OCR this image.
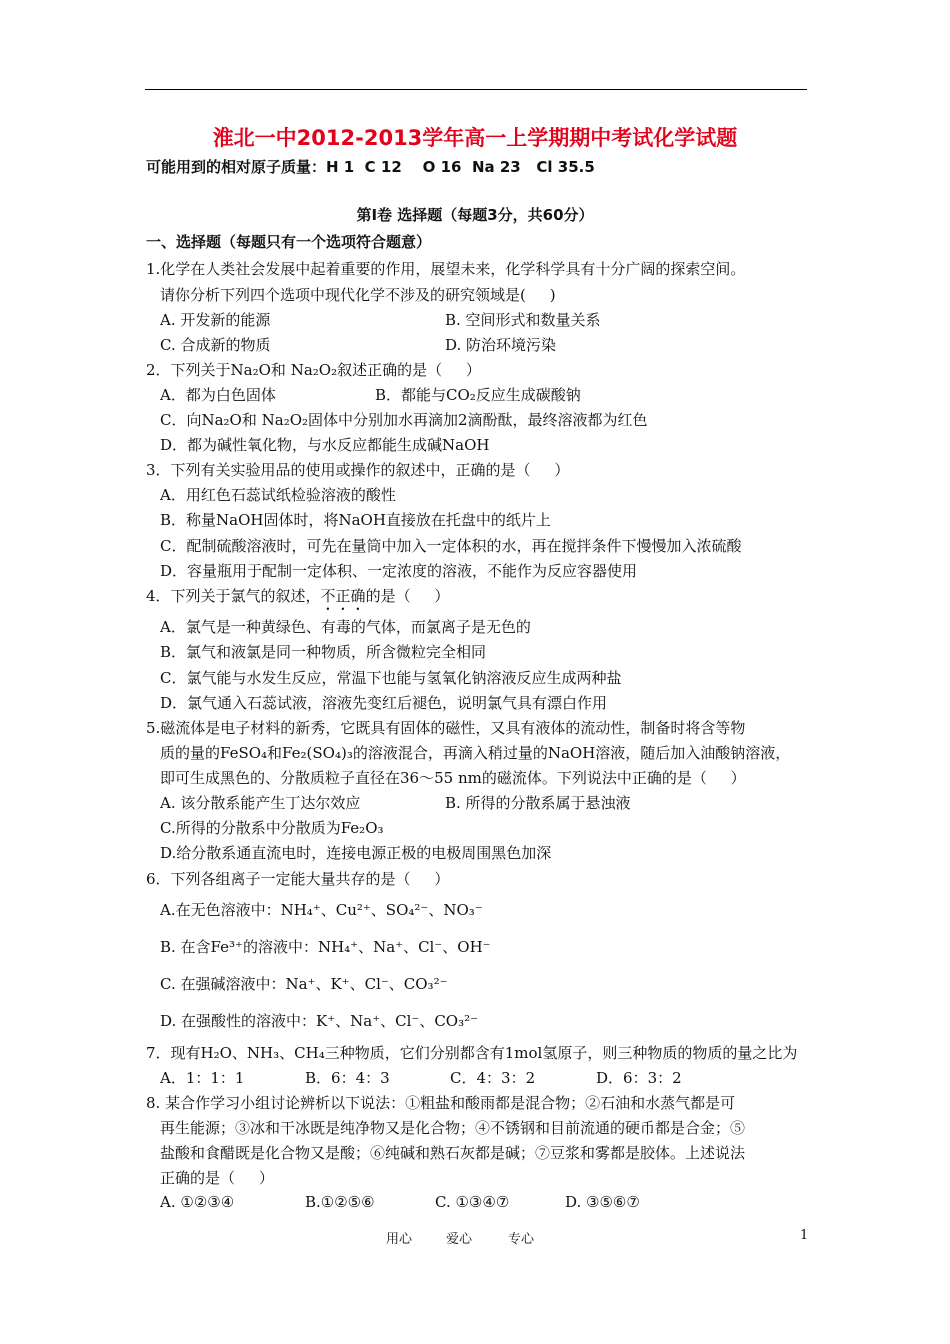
淮北一中2012-2013学年高一上学期期中考试化学试题
可能用到的相对原子质量：H 1  C 12    O 16  Na 23   Cl 35.5
第Ⅰ卷 选择题（每题3分，共60分）
一、选择题（每题只有一个选项符合题意）
1.化学在人类社会发展中起着重要的作用，展望未来，化学科学具有十分广阔的探索空间。
请你分析下列四个选项中现代化学不涉及的研究领域是(     )
A. 开发新的能源	B. 空间形式和数量关系
C. 合成新的物质	D. 防治环境污染
2．下列关于Na₂O和 Na₂O₂叙述正确的是（     ）
A．都为白色固体	B．都能与CO₂反应生成碳酸钠
C．向Na₂O和 Na₂O₂固体中分别加水再滴加2滴酚酞，最终溶液都为红色
D．都为碱性氧化物，与水反应都能生成碱NaOH
3．下列有关实验用品的使用或操作的叙述中，正确的是（     ）
A．用红色石蕊试纸检验溶液的酸性
B．称量NaOH固体时，将NaOH直接放在托盘中的纸片上
C．配制硫酸溶液时，可先在量筒中加入一定体积的水，再在搅拌条件下慢慢加入浓硫酸
D．容量瓶用于配制一定体积、一定浓度的溶液，不能作为反应容器使用
4．下列关于氯气的叙述，不正确的是（     ）
A．氯气是一种黄绿色、有毒的气体，而氯离子是无色的
B．氯气和液氯是同一种物质，所含微粒完全相同
C．氯气能与水发生反应，常温下也能与氢氧化钠溶液反应生成两种盐
D．氯气通入石蕊试液，溶液先变红后褪色，说明氯气具有漂白作用
5.磁流体是电子材料的新秀，它既具有固体的磁性，又具有液体的流动性，制备时将含等物
质的量的FeSO₄和Fe₂(SO₄)₃的溶液混合，再滴入稍过量的NaOH溶液，随后加入油酸钠溶液，
即可生成黑色的、分散质粒子直径在36～55 nm的磁流体。下列说法中正确的是（     ）
A. 该分散系能产生丁达尔效应	B. 所得的分散系属于悬浊液
C.所得的分散系中分散质为Fe₂O₃
D.给分散系通直流电时，连接电源正极的电极周围黑色加深
6．下列各组离子一定能大量共存的是（     ）
A.在无色溶液中：NH₄⁺、Cu²⁺、SO₄²⁻、NO₃⁻
B. 在含Fe³⁺的溶液中：NH₄⁺、Na⁺、Cl⁻、OH⁻
C. 在强碱溶液中：Na⁺、K⁺、Cl⁻、CO₃²⁻
D. 在强酸性的溶液中：K⁺、Na⁺、Cl⁻、CO₃²⁻
7．现有H₂O、NH₃、CH₄三种物质，它们分别都含有1mol氢原子，则三种物质的物质的量之比为
A．1：1：1	B．6：4：3	C．4：3：2	D．6：3：2
8. 某合作学习小组讨论辨析以下说法：①粗盐和酸雨都是混合物；②石油和水蒸气都是可
再生能源；③冰和干冰既是纯净物又是化合物；④不锈钢和目前流通的硬币都是合金；⑤
盐酸和食醋既是化合物又是酸；⑥纯碱和熟石灰都是碱；⑦豆浆和雾都是胶体。上述说法
正确的是（     ）
A. ①②③④	B.①②⑤⑥	C. ①③④⑦	D. ③⑤⑥⑦
用心	爱心	专心	1
